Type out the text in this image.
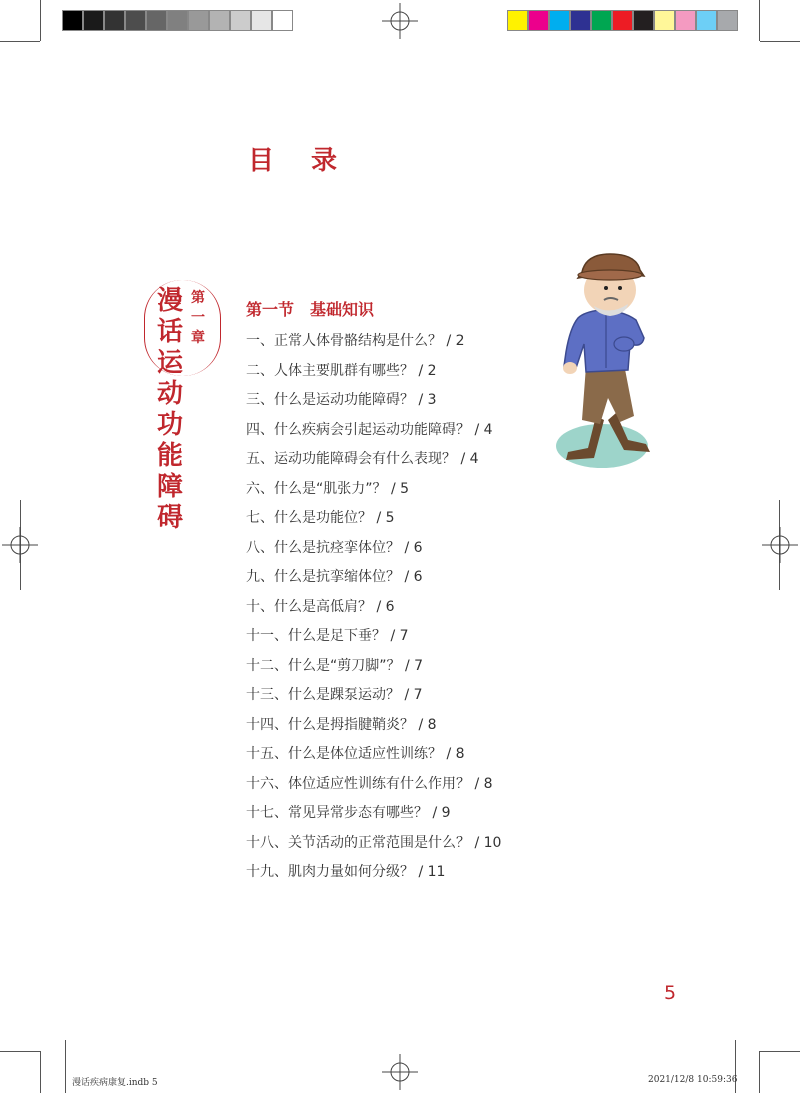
目 录
第一章
漫话运动功能障碍
第一节　基础知识
一、正常人体骨骼结构是什么？ / 2
二、人体主要肌群有哪些？ / 2
三、什么是运动功能障碍？ / 3
四、什么疾病会引起运动功能障碍？ / 4
五、运动功能障碍会有什么表现？ / 4
六、什么是“肌张力”？ / 5
七、什么是功能位？ / 5
八、什么是抗痉挛体位？ / 6
九、什么是抗挛缩体位？ / 6
十、什么是高低肩？ / 6
十一、什么是足下垂？ / 7
十二、什么是“剪刀脚”？ / 7
十三、什么是踝泵运动？ / 7
十四、什么是拇指腱鞘炎？ / 8
十五、什么是体位适应性训练？ / 8
十六、体位适应性训练有什么作用？ / 8
十七、常见异常步态有哪些？ / 9
十八、关节活动的正常范围是什么？ / 10
十九、肌肉力量如何分级？ / 11
5
漫话疾病康复.indb 5	2021/12/8 10:59:36
